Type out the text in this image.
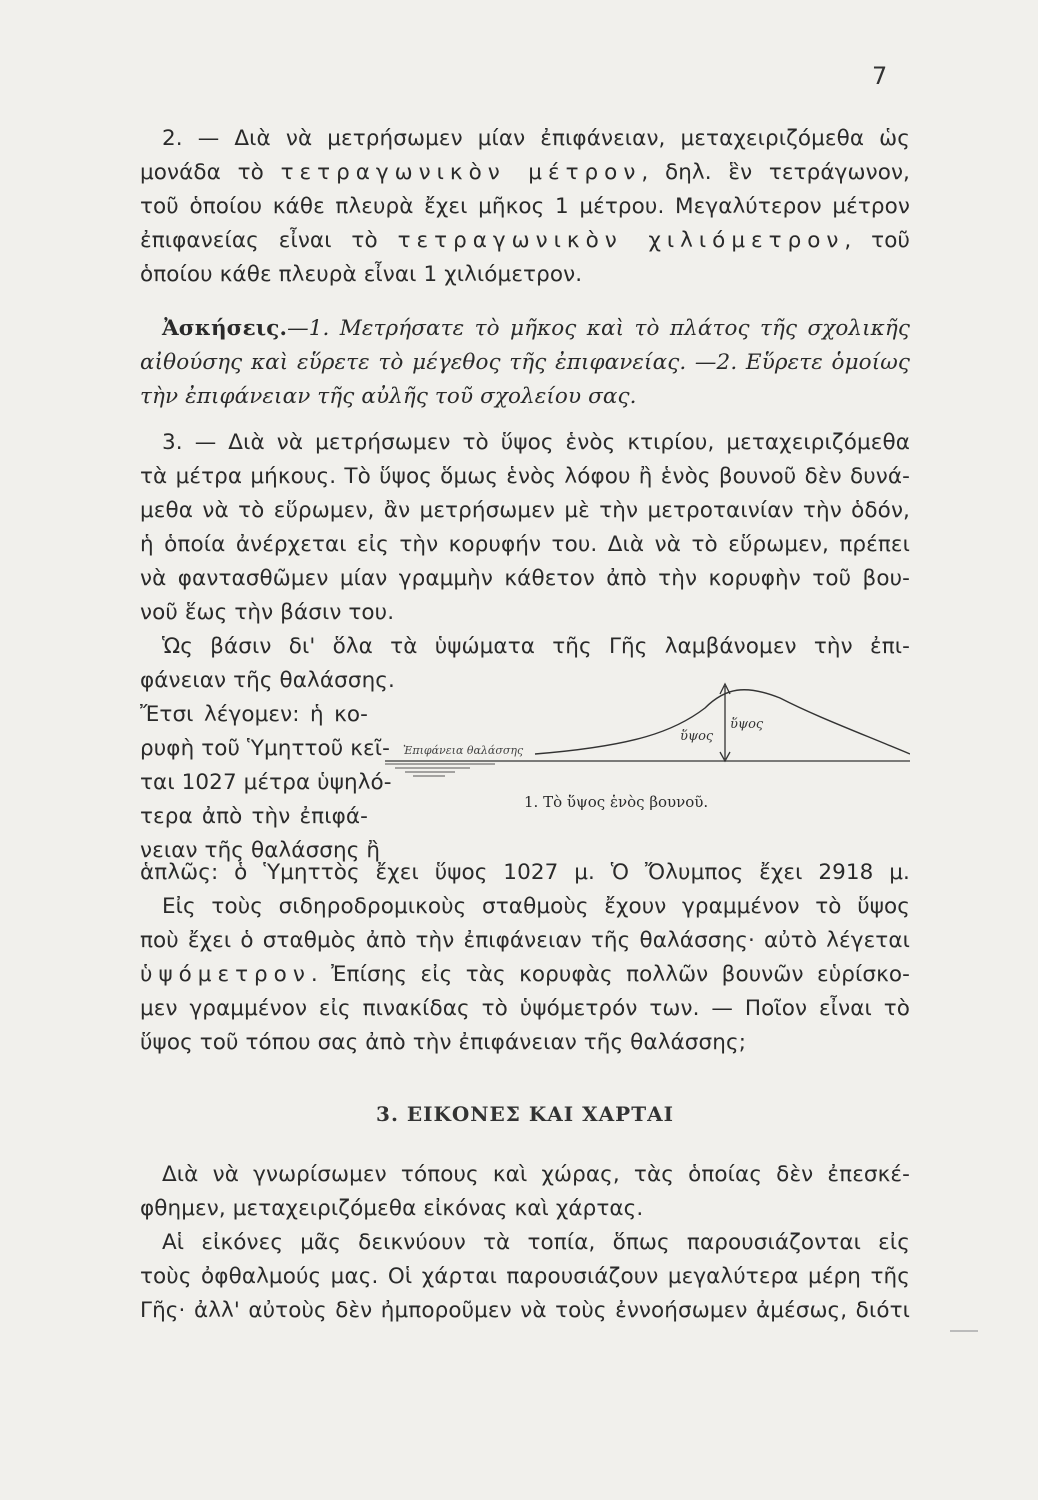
7
2. — Διὰ νὰ μετρήσωμεν μίαν ἐπιφάνειαν, μεταχειριζόμεθα ὡς
μονάδα τὸ τετραγωνικὸν μέτρον, δηλ. ἓν τετράγωνον,
τοῦ ὁποίου κάθε πλευρὰ ἔχει μῆκος 1 μέτρου. Μεγαλύτερον μέτρον
ἐπιφανείας εἶναι τὸ τετραγωνικὸν χιλιόμετρον, τοῦ
ὁποίου κάθε πλευρὰ εἶναι 1 χιλιόμετρον.
Ἀσκήσεις.—1. Μετρήσατε τὸ μῆκος καὶ τὸ πλάτος τῆς σχολικῆς
αἰθούσης καὶ εὕρετε τὸ μέγεθος τῆς ἐπιφανείας. —2. Εὕρετε ὁμοίως
τὴν ἐπιφάνειαν τῆς αὐλῆς τοῦ σχολείου σας.
3. — Διὰ νὰ μετρήσωμεν τὸ ὕψος ἑνὸς κτιρίου, μεταχειριζόμεθα
τὰ μέτρα μήκους. Τὸ ὕψος ὅμως ἑνὸς λόφου ἢ ἑνὸς βουνοῦ δὲν δυνά-
μεθα νὰ τὸ εὕρωμεν, ἂν μετρήσωμεν μὲ τὴν μετροταινίαν τὴν ὁδόν,
ἡ ὁποία ἀνέρχεται εἰς τὴν κορυφήν του. Διὰ νὰ τὸ εὕρωμεν, πρέπει
νὰ φαντασθῶμεν μίαν γραμμὴν κάθετον ἀπὸ τὴν κορυφὴν τοῦ βου-
νοῦ ἕως τὴν βάσιν του.
Ὡς βάσιν δι' ὅλα τὰ ὑψώματα τῆς Γῆς λαμβάνομεν τὴν ἐπι-
φάνειαν τῆς θαλάσσης.
Ἔτσι λέγομεν: ἡ κο-
ρυφὴ τοῦ Ὑμηττοῦ κεῖ-
ται 1027 μέτρα ὑψηλό-
τερα ἀπὸ τὴν ἐπιφά-
νειαν τῆς θαλάσσης ἢ
Ἐπιφάνεια θαλάσσης
ὕψος
ὕψος
1. Τὸ ὕψος ἑνὸς βουνοῦ.
ἁπλῶς: ὁ Ὑμηττὸς ἔχει ὕψος 1027 μ. Ὁ Ὄλυμπος ἔχει 2918 μ.
Εἰς τοὺς σιδηροδρομικοὺς σταθμοὺς ἔχουν γραμμένον τὸ ὕψος
ποὺ ἔχει ὁ σταθμὸς ἀπὸ τὴν ἐπιφάνειαν τῆς θαλάσσης· αὐτὸ λέγεται
ὑψόμετρον. Ἐπίσης εἰς τὰς κορυφὰς πολλῶν βουνῶν εὑρίσκο-
μεν γραμμένον εἰς πινακίδας τὸ ὑψόμετρόν των. — Ποῖον εἶναι τὸ
ὕψος τοῦ τόπου σας ἀπὸ τὴν ἐπιφάνειαν τῆς θαλάσσης;
3. ΕΙΚΟΝΕΣ ΚΑΙ ΧΑΡΤΑΙ
Διὰ νὰ γνωρίσωμεν τόπους καὶ χώρας, τὰς ὁποίας δὲν ἐπεσκέ-
φθημεν, μεταχειριζόμεθα εἰκόνας καὶ χάρτας.
Αἱ εἰκόνες μᾶς δεικνύουν τὰ τοπία, ὅπως παρουσιάζονται εἰς
τοὺς ὀφθαλμούς μας. Οἱ χάρται παρουσιάζουν μεγαλύτερα μέρη τῆς
Γῆς· ἀλλ' αὐτοὺς δὲν ἠμποροῦμεν νὰ τοὺς ἐννοήσωμεν ἀμέσως, διότι
